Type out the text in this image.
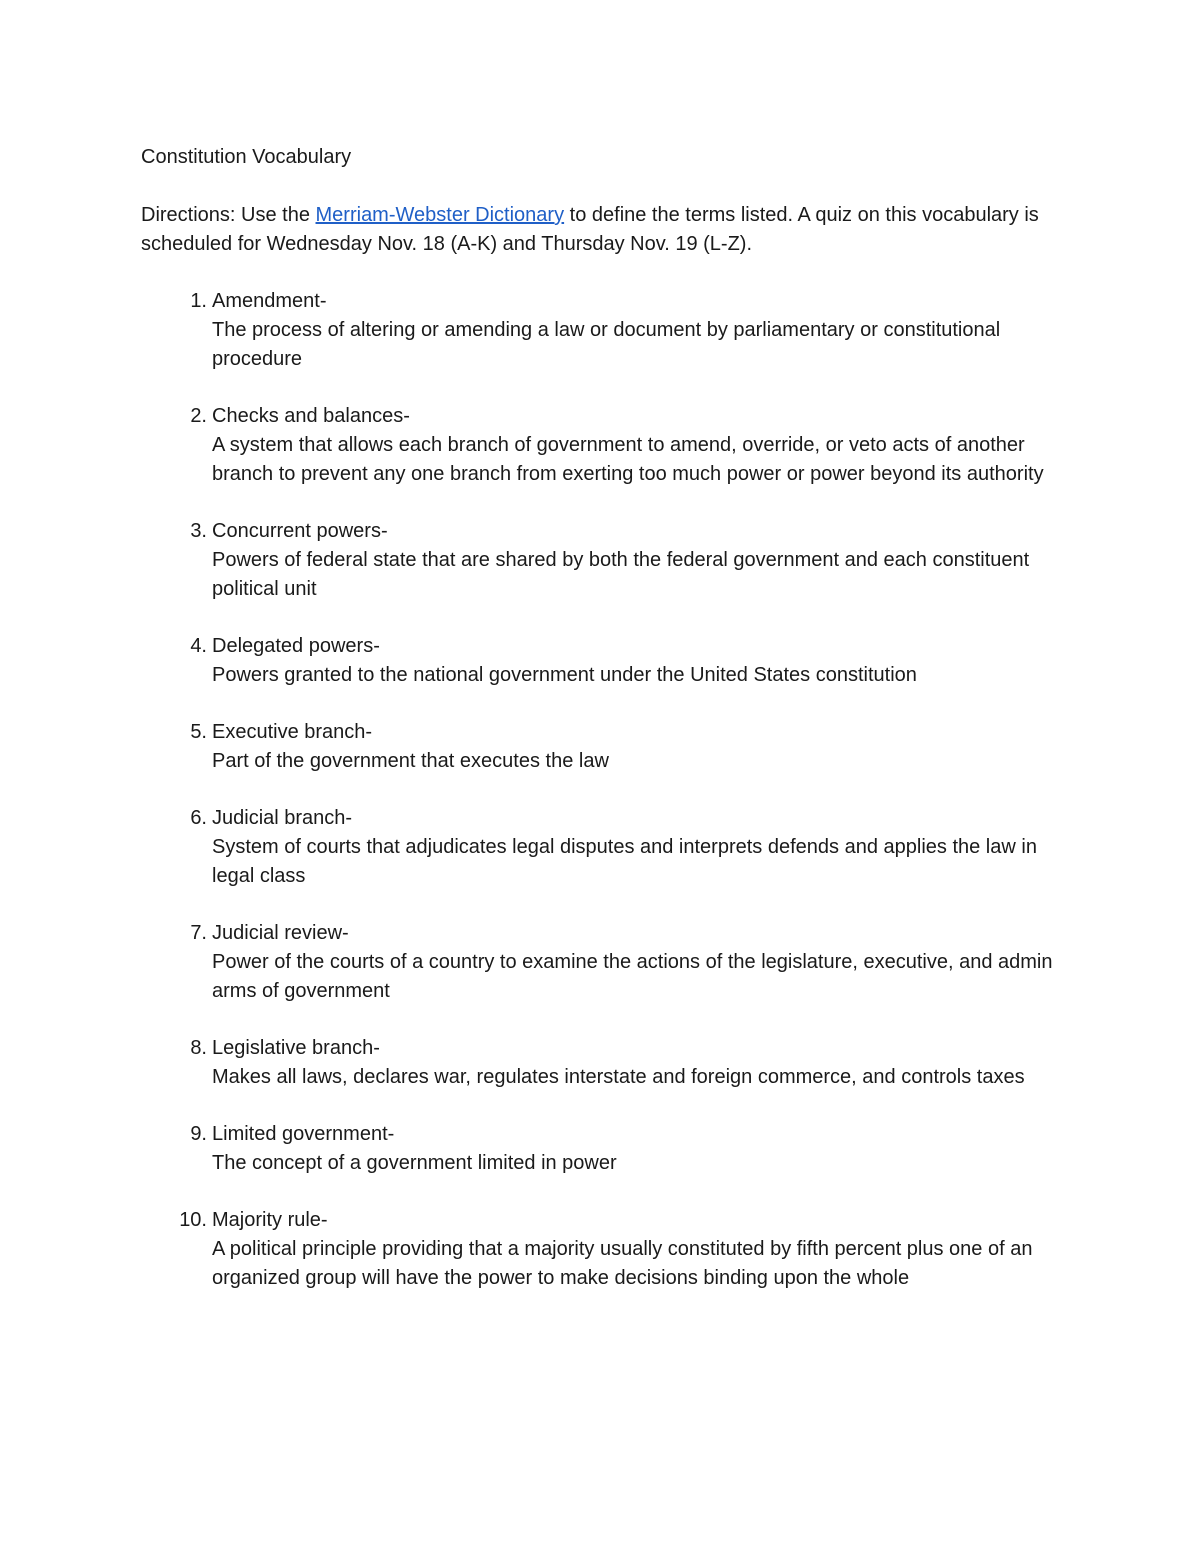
Constitution Vocabulary

Directions: Use the Merriam-Webster Dictionary to define the terms listed. A quiz on this vocabulary is scheduled for Wednesday Nov. 18 (A-K) and Thursday Nov. 19 (L-Z).

1. Amendment-
The process of altering or amending a law or document by parliamentary or constitutional procedure
2. Checks and balances-
A system that allows each branch of government to amend, override, or veto acts of another branch to prevent any one branch from exerting too much power or power beyond its authority
3. Concurrent powers-
Powers of federal state that are shared by both the federal government and each constituent political unit
4. Delegated powers-
Powers granted to the national government under the United States constitution
5. Executive branch-
Part of the government that executes the law
6. Judicial branch-
System of courts that adjudicates legal disputes and interprets defends and applies the law in legal class
7. Judicial review-
Power of the courts of a country to examine the actions of the legislature, executive, and admin arms of government
8. Legislative branch-
Makes all laws, declares war, regulates interstate and foreign commerce, and controls taxes
9. Limited government-
The concept of a government limited in power
10. Majority rule-
A political principle providing that a majority usually constituted by fifth percent plus one of an organized group will have the power to make decisions binding upon the whole
